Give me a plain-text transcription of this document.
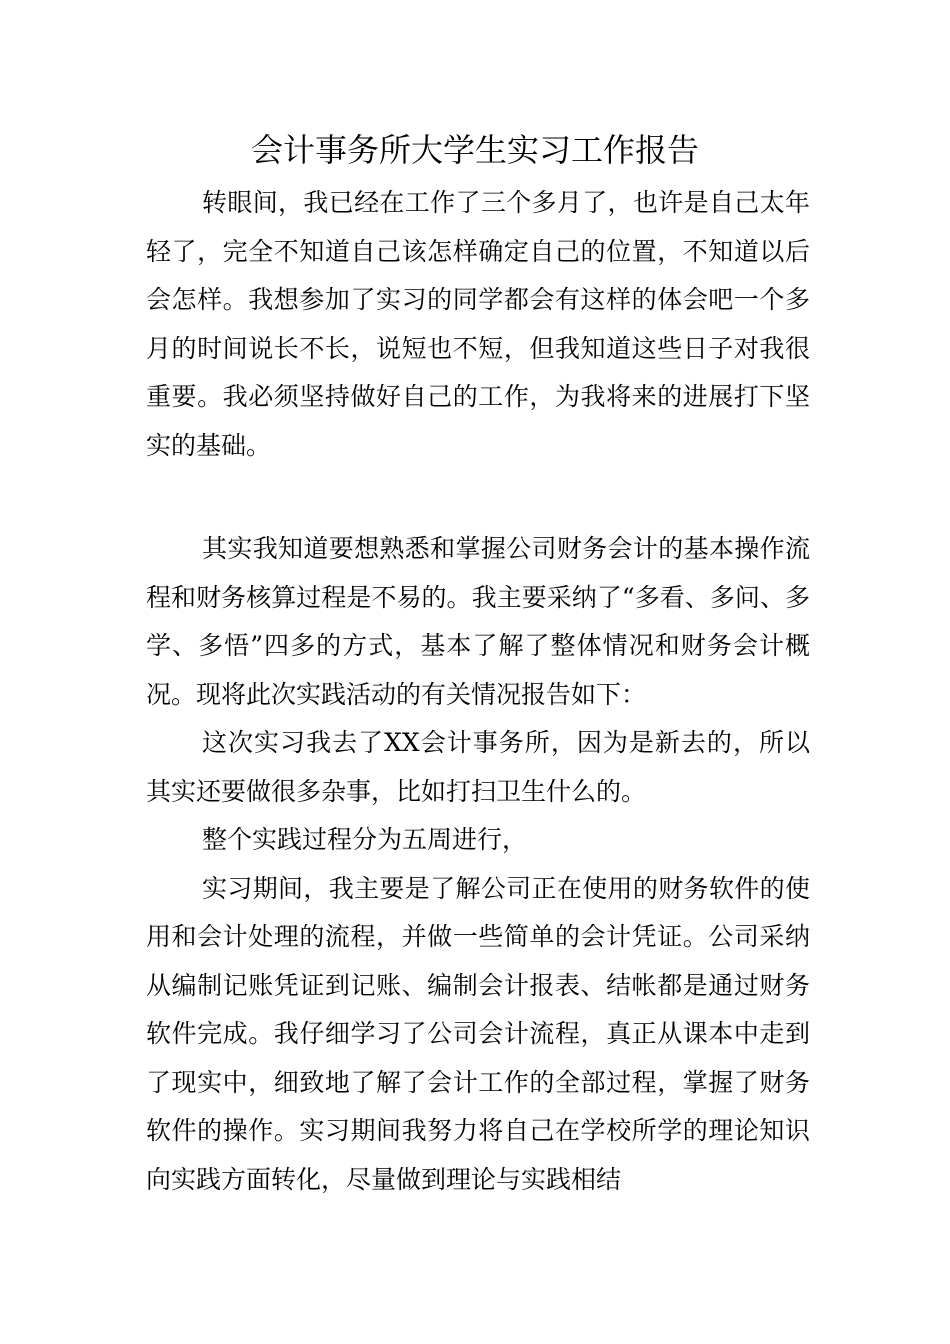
会计事务所大学生实习工作报告

转眼间，我已经在工作了三个多月了，也许是自己太年轻了，完全不知道自己该怎样确定自己的位置，不知道以后会怎样。我想参加了实习的同学都会有这样的体会吧一个多月的时间说长不长，说短也不短，但我知道这些日子对我很重要。我必须坚持做好自己的工作，为我将来的进展打下坚实的基础。

其实我知道要想熟悉和掌握公司财务会计的基本操作流程和财务核算过程是不易的。我主要采纳了“多看、多问、多学、多悟”四多的方式，基本了解了整体情况和财务会计概况。现将此次实践活动的有关情况报告如下：

这次实习我去了XX会计事务所，因为是新去的，所以其实还要做很多杂事，比如打扫卫生什么的。

整个实践过程分为五周进行，

实习期间，我主要是了解公司正在使用的财务软件的使用和会计处理的流程，并做一些简单的会计凭证。公司采纳从编制记账凭证到记账、编制会计报表、结帐都是通过财务软件完成。我仔细学习了公司会计流程，真正从课本中走到了现实中，细致地了解了会计工作的全部过程，掌握了财务软件的操作。实习期间我努力将自己在学校所学的理论知识向实践方面转化，尽量做到理论与实践相结
